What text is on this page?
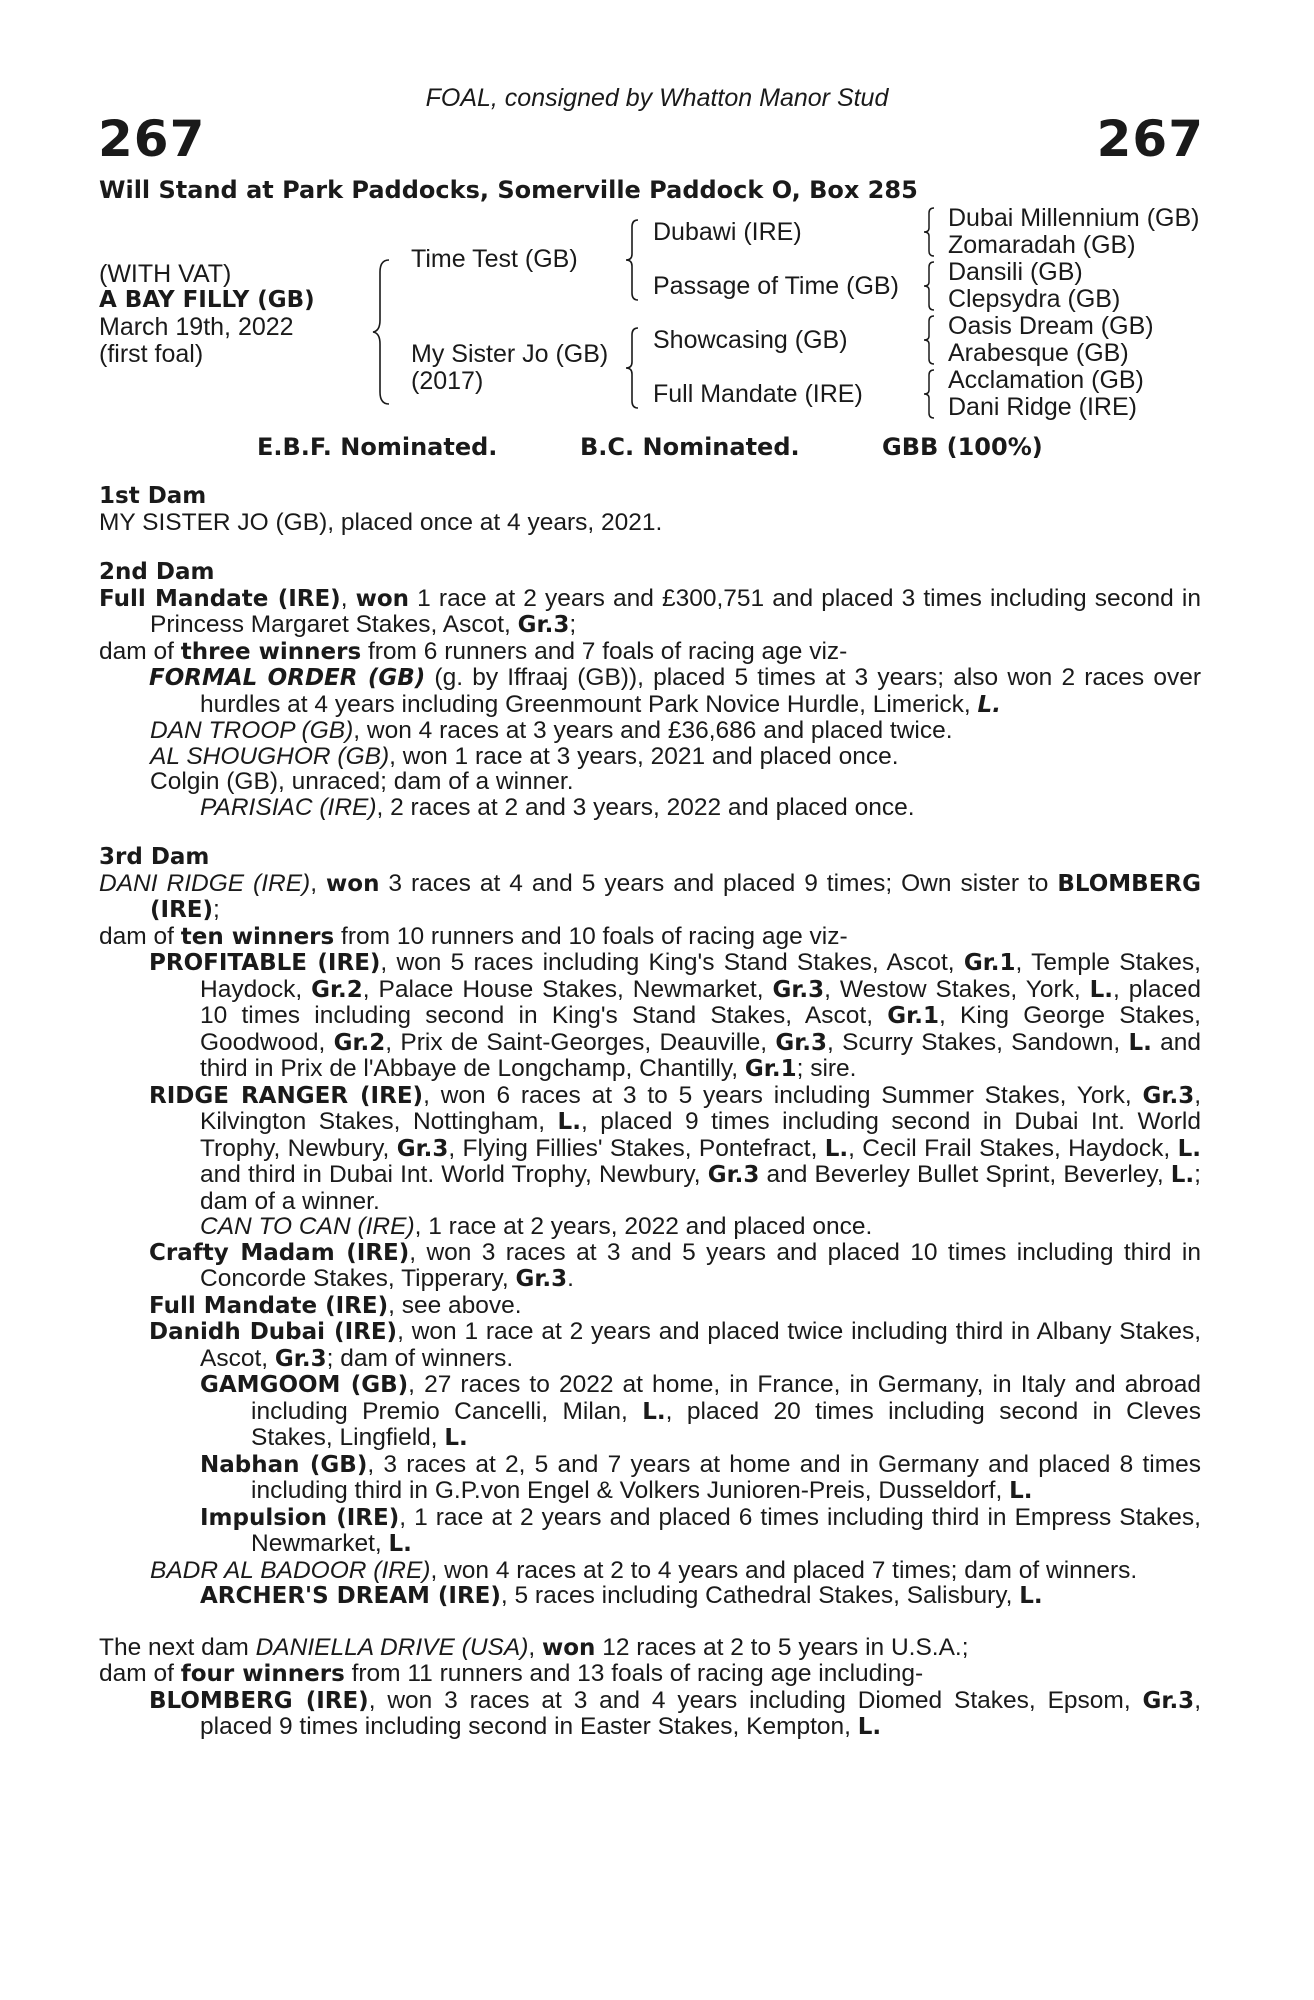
FOAL, consigned by Whatton Manor Stud
267	267
Will Stand at Park Paddocks, Somerville Paddock O, Box 285
(WITH VAT)
A BAY FILLY (GB)
March 19th, 2022
(first foal)
Time Test (GB)
My Sister Jo (GB)
(2017)
Dubawi (IRE)
Passage of Time (GB)
Showcasing (GB)
Full Mandate (IRE)
Dubai Millennium (GB)
Zomaradah (GB)
Dansili (GB)
Clepsydra (GB)
Oasis Dream (GB)
Arabesque (GB)
Acclamation (GB)
Dani Ridge (IRE)
E.B.F. Nominated.	B.C. Nominated.	GBB (100%)

1st Dam

MY SISTER JO (GB), placed once at 4 years, 2021.

2nd Dam

Full Mandate (IRE), won 1 race at 2 years and £300,751 and placed 3 times including second in Princess Margaret Stakes, Ascot, Gr.3;

dam of three winners from 6 runners and 7 foals of racing age viz-

FORMAL ORDER (GB) (g. by Iffraaj (GB)), placed 5 times at 3 years; also won 2 races over hurdles at 4 years including Greenmount Park Novice Hurdle, Limerick, L.

DAN TROOP (GB), won 4 races at 3 years and £36,686 and placed twice.

AL SHOUGHOR (GB), won 1 race at 3 years, 2021 and placed once.

Colgin (GB), unraced; dam of a winner.

PARISIAC (IRE), 2 races at 2 and 3 years, 2022 and placed once.

3rd Dam

DANI RIDGE (IRE), won 3 races at 4 and 5 years and placed 9 times; Own sister to BLOMBERG (IRE);

dam of ten winners from 10 runners and 10 foals of racing age viz-

PROFITABLE (IRE), won 5 races including King's Stand Stakes, Ascot, Gr.1, Temple Stakes, Haydock, Gr.2, Palace House Stakes, Newmarket, Gr.3, Westow Stakes, York, L., placed 10 times including second in King's Stand Stakes, Ascot, Gr.1, King George Stakes, Goodwood, Gr.2, Prix de Saint-Georges, Deauville, Gr.3, Scurry Stakes, Sandown, L. and third in Prix de l'Abbaye de Longchamp, Chantilly, Gr.1; sire.

RIDGE RANGER (IRE), won 6 races at 3 to 5 years including Summer Stakes, York, Gr.3, Kilvington Stakes, Nottingham, L., placed 9 times including second in Dubai Int. World Trophy, Newbury, Gr.3, Flying Fillies' Stakes, Pontefract, L., Cecil Frail Stakes, Haydock, L. and third in Dubai Int. World Trophy, Newbury, Gr.3 and Beverley Bullet Sprint, Beverley, L.; dam of a winner.

CAN TO CAN (IRE), 1 race at 2 years, 2022 and placed once.

Crafty Madam (IRE), won 3 races at 3 and 5 years and placed 10 times including third in Concorde Stakes, Tipperary, Gr.3.

Full Mandate (IRE), see above.

Danidh Dubai (IRE), won 1 race at 2 years and placed twice including third in Albany Stakes, Ascot, Gr.3; dam of winners.

GAMGOOM (GB), 27 races to 2022 at home, in France, in Germany, in Italy and abroad including Premio Cancelli, Milan, L., placed 20 times including second in Cleves Stakes, Lingfield, L.

Nabhan (GB), 3 races at 2, 5 and 7 years at home and in Germany and placed 8 times including third in G.P.von Engel & Volkers Junioren-Preis, Dusseldorf, L.

Impulsion (IRE), 1 race at 2 years and placed 6 times including third in Empress Stakes, Newmarket, L.

BADR AL BADOOR (IRE), won 4 races at 2 to 4 years and placed 7 times; dam of winners.

ARCHER'S DREAM (IRE), 5 races including Cathedral Stakes, Salisbury, L.

The next dam DANIELLA DRIVE (USA), won 12 races at 2 to 5 years in U.S.A.;

dam of four winners from 11 runners and 13 foals of racing age including-

BLOMBERG (IRE), won 3 races at 3 and 4 years including Diomed Stakes, Epsom, Gr.3, placed 9 times including second in Easter Stakes, Kempton, L.
